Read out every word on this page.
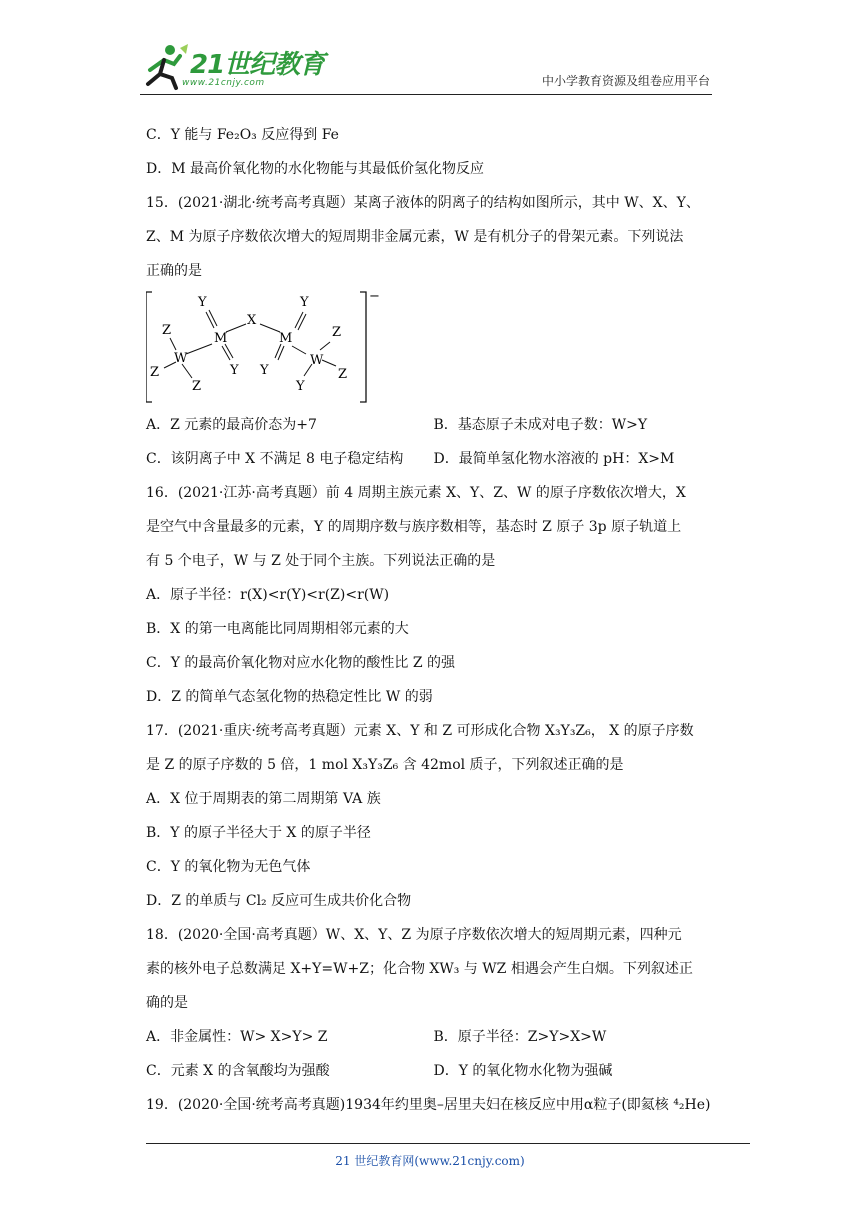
21世纪教育
www.21cnjy.com	中小学教育资源及组卷应用平台
C．Y 能与 Fe₂O₃ 反应得到 Fe
D．M 最高价氧化物的水化物能与其最低价氢化物反应
15．(2021·湖北·统考高考真题）某离子液体的阴离子的结构如图所示，其中 W、X、Y、
Z、M 为原子序数依次增大的短周期非金属元素，W 是有机分子的骨架元素。下列说法
正确的是
−
Y
M
X
M
Y
Z
W
Y Y
W
Z
Z
Z	Y
Z
A．Z 元素的最高价态为+7	B．基态原子未成对电子数：W>Y
C．该阴离子中 X 不满足 8 电子稳定结构	D．最简单氢化物水溶液的 pH：X>M
16．(2021·江苏·高考真题）前 4 周期主族元素 X、Y、Z、W 的原子序数依次增大，X
是空气中含量最多的元素，Y 的周期序数与族序数相等，基态时 Z 原子 3p 原子轨道上
有 5 个电子，W 与 Z 处于同个主族。下列说法正确的是
A．原子半径：r(X)<r(Y)<r(Z)<r(W)
B．X 的第一电离能比同周期相邻元素的大
C．Y 的最高价氧化物对应水化物的酸性比 Z 的强
D．Z 的简单气态氢化物的热稳定性比 W 的弱
17．(2021·重庆·统考高考真题）元素 X、Y 和 Z 可形成化合物 X₃Y₃Z₆， X 的原子序数
是 Z 的原子序数的 5 倍，1 mol X₃Y₃Z₆ 含 42mol 质子，下列叙述正确的是
A．X 位于周期表的第二周期第 VA 族
B．Y 的原子半径大于 X 的原子半径
C．Y 的氧化物为无色气体
D．Z 的单质与 Cl₂ 反应可生成共价化合物
18．(2020·全国·高考真题）W、X、Y、Z 为原子序数依次增大的短周期元素，四种元
素的核外电子总数满足 X+Y=W+Z；化合物 XW₃ 与 WZ 相遇会产生白烟。下列叙述正
确的是
A．非金属性：W> X>Y> Z	B．原子半径：Z>Y>X>W
C．元素 X 的含氧酸均为强酸	D．Y 的氧化物水化物为强碱
19．(2020·全国·统考高考真题)1934年约里奥–居里夫妇在核反应中用α粒子(即氦核 ⁴₂He)
21 世纪教育网(www.21cnjy.com)
